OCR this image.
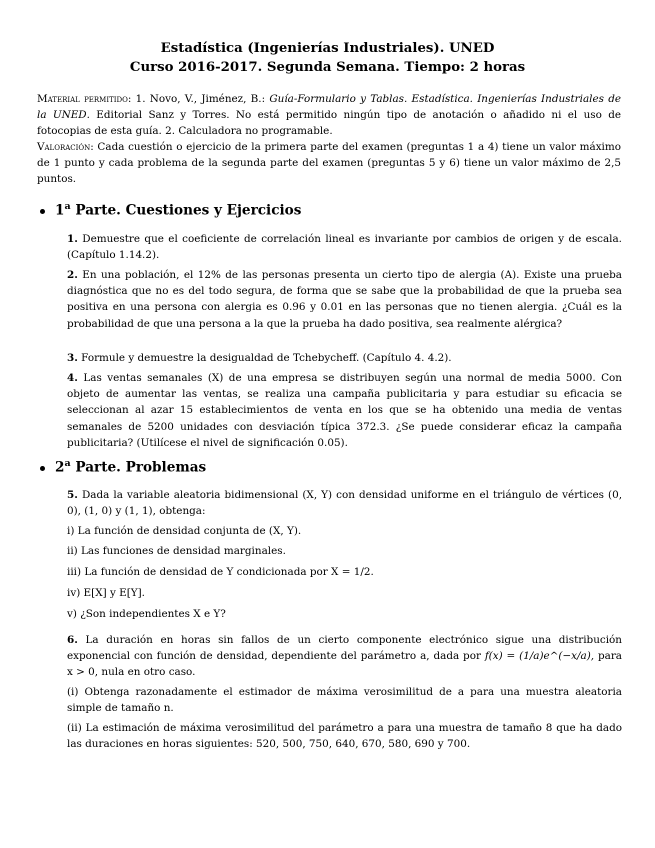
Estadística (Ingenierías Industriales). UNED
Curso 2016-2017. Segunda Semana. Tiempo: 2 horas
Material permitido: 1. Novo, V., Jiménez, B.: Guía-Formulario y Tablas. Estadística. Ingenierías Industriales de la UNED. Editorial Sanz y Torres. No está permitido ningún tipo de anotación o añadido ni el uso de fotocopias de esta guía. 2. Calculadora no programable.
Valoración: Cada cuestión o ejercicio de la primera parte del examen (preguntas 1 a 4) tiene un valor máximo de 1 punto y cada problema de la segunda parte del examen (preguntas 5 y 6) tiene un valor máximo de 2,5 puntos.
1$^a$ Parte. Cuestiones y Ejercicios
1. Demuestre que el coeficiente de correlación lineal es invariante por cambios de origen y de escala. (Capítulo 1.14.2).
2. En una población, el 12% de las personas presenta un cierto tipo de alergia (A). Existe una prueba diagnóstica que no es del todo segura, de forma que se sabe que la probabilidad de que la prueba sea positiva en una persona con alergia es 0.96 y 0.01 en las personas que no tienen alergia. ¿Cuál es la probabilidad de que una persona a la que la prueba ha dado positiva, sea realmente alérgica?
3. Formule y demuestre la desigualdad de Tchebycheff. (Capítulo 4. 4.2).
4. Las ventas semanales (X) de una empresa se distribuyen según una normal de media 5000. Con objeto de aumentar las ventas, se realiza una campaña publicitaria y para estudiar su eficacia se seleccionan al azar 15 establecimientos de venta en los que se ha obtenido una media de ventas semanales de 5200 unidades con desviación típica 372.3. ¿Se puede considerar eficaz la campaña publicitaria? (Utilícese el nivel de significación 0.05).
2$^a$ Parte. Problemas
5. Dada la variable aleatoria bidimensional (X, Y) con densidad uniforme en el triángulo de vértices (0, 0), (1, 0) y (1, 1), obtenga:
i) La función de densidad conjunta de (X, Y).
ii) Las funciones de densidad marginales.
iii) La función de densidad de Y condicionada por X = 1/2.
iv) E[X] y E[Y].
v) ¿Son independientes X e Y?
6. La duración en horas sin fallos de un cierto componente electrónico sigue una distribución exponencial con función de densidad, dependiente del parámetro a, dada por f(x) = (1/a)e^(−x/a), para x > 0, nula en otro caso.
(i) Obtenga razonadamente el estimador de máxima verosimilitud de a para una muestra aleatoria simple de tamaño n.
(ii) La estimación de máxima verosimilitud del parámetro a para una muestra de tamaño 8 que ha dado las duraciones en horas siguientes: 520, 500, 750, 640, 670, 580, 690 y 700.
